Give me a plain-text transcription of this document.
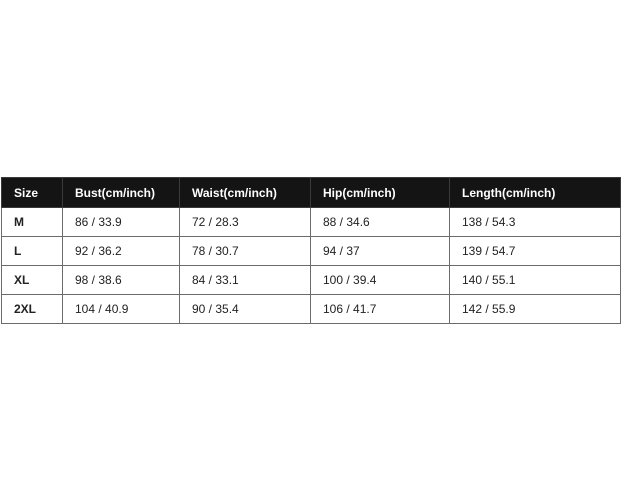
Size	Bust(cm/inch)	Waist(cm/inch)	Hip(cm/inch)	Length(cm/inch)
M	86 / 33.9	72 / 28.3	88 / 34.6	138 / 54.3
L	92 / 36.2	78 / 30.7	94 / 37	139 / 54.7
XL	98 / 38.6	84 / 33.1	100 / 39.4	140 / 55.1
2XL	104 / 40.9	90 / 35.4	106 / 41.7	142 / 55.9
